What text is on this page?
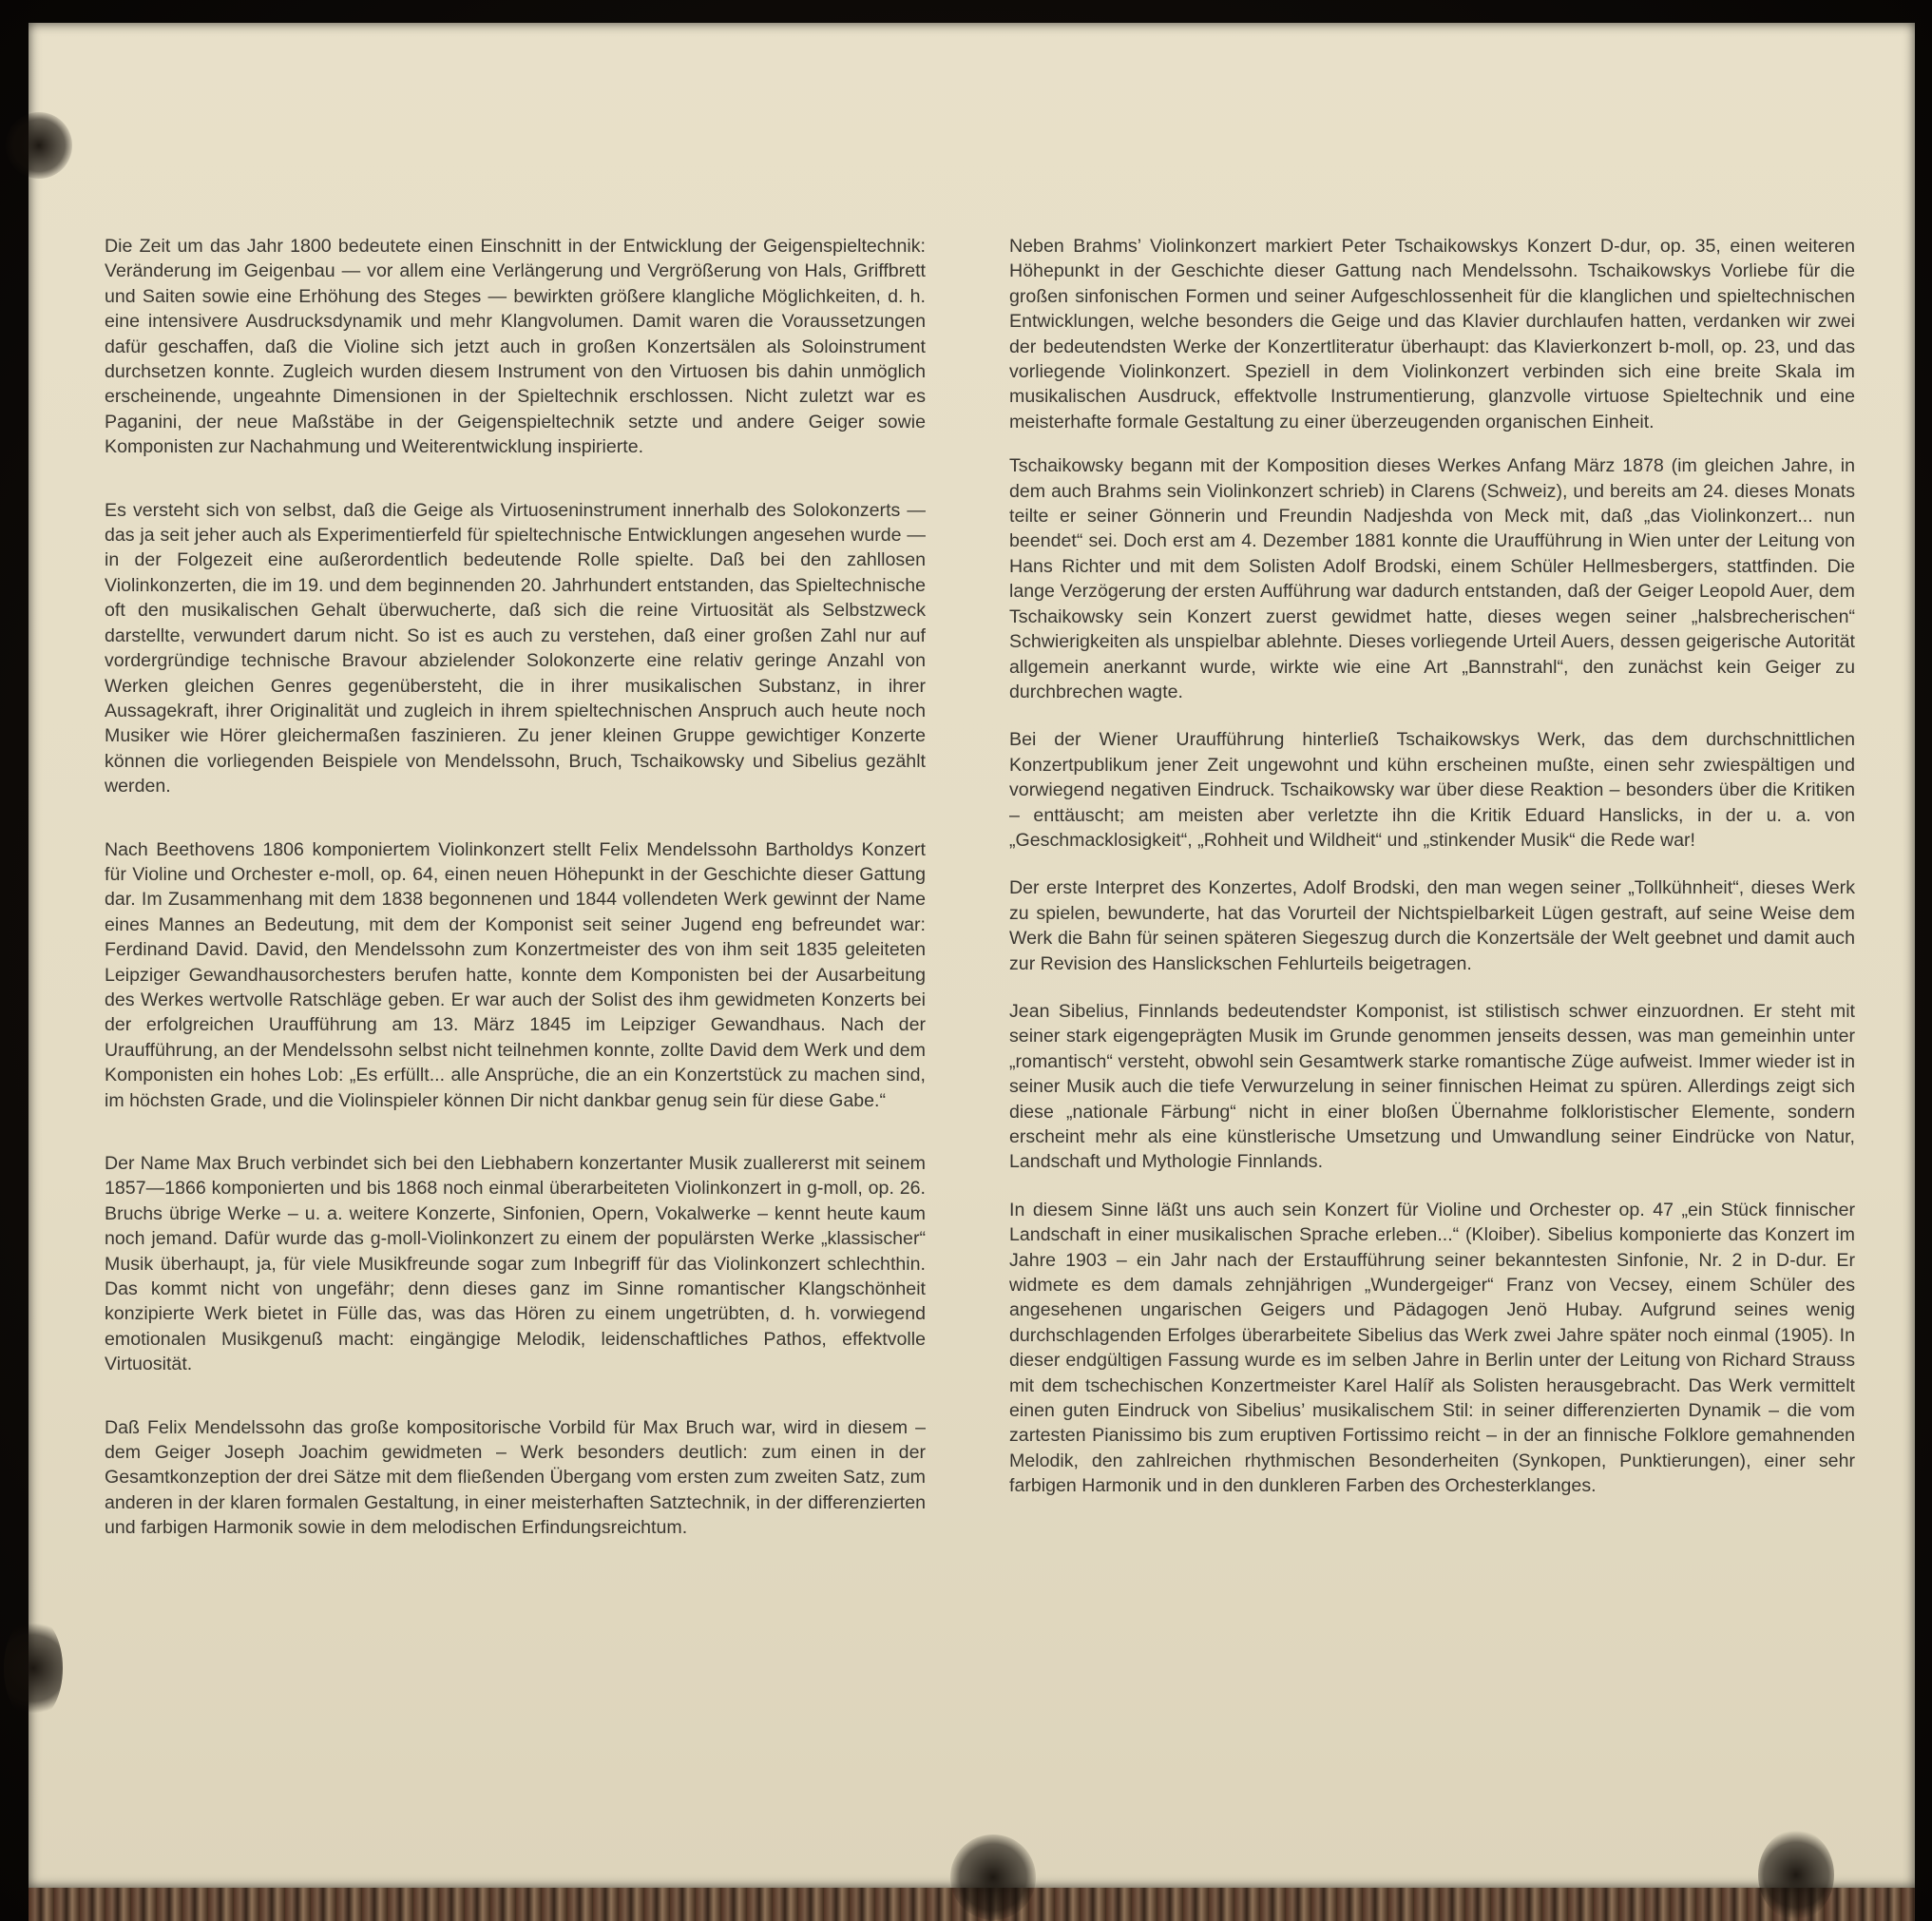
Die Zeit um das Jahr 1800 bedeutete einen Einschnitt in der Entwicklung der Geigenspieltechnik: Veränderung im Geigenbau — vor allem eine Verlängerung und Vergrößerung von Hals, Griffbrett und Saiten sowie eine Erhöhung des Steges — bewirkten größere klangliche Möglichkeiten, d. h. eine intensivere Ausdrucksdynamik und mehr Klangvolumen. Damit waren die Voraussetzungen dafür geschaffen, daß die Violine sich jetzt auch in großen Konzertsälen als Soloinstrument durchsetzen konnte. Zugleich wurden diesem Instrument von den Virtuosen bis dahin unmöglich erscheinende, ungeahnte Dimensionen in der Spieltechnik erschlossen. Nicht zuletzt war es Paganini, der neue Maßstäbe in der Geigenspieltechnik setzte und andere Geiger sowie Komponisten zur Nachahmung und Weiterentwicklung inspirierte.

Es versteht sich von selbst, daß die Geige als Virtuoseninstrument innerhalb des Solokonzerts — das ja seit jeher auch als Experimentierfeld für spieltechnische Entwicklungen angesehen wurde — in der Folgezeit eine außerordentlich bedeutende Rolle spielte. Daß bei den zahllosen Violinkonzerten, die im 19. und dem beginnenden 20. Jahrhundert entstanden, das Spieltechnische oft den musikalischen Gehalt überwucherte, daß sich die reine Virtuosität als Selbstzweck darstellte, verwundert darum nicht. So ist es auch zu verstehen, daß einer großen Zahl nur auf vordergründige technische Bravour abzielender Solokonzerte eine relativ geringe Anzahl von Werken gleichen Genres gegenübersteht, die in ihrer musikalischen Substanz, in ihrer Aussagekraft, ihrer Originalität und zugleich in ihrem spieltechnischen Anspruch auch heute noch Musiker wie Hörer gleichermaßen faszinieren. Zu jener kleinen Gruppe gewichtiger Konzerte können die vorliegenden Beispiele von Mendelssohn, Bruch, Tschaikowsky und Sibelius gezählt werden.

Nach Beethovens 1806 komponiertem Violinkonzert stellt Felix Mendelssohn Bartholdys Konzert für Violine und Orchester e-moll, op. 64, einen neuen Höhepunkt in der Geschichte dieser Gattung dar. Im Zusammenhang mit dem 1838 begonnenen und 1844 vollendeten Werk gewinnt der Name eines Mannes an Bedeutung, mit dem der Komponist seit seiner Jugend eng befreundet war: Ferdinand David. David, den Mendelssohn zum Konzertmeister des von ihm seit 1835 geleiteten Leipziger Gewandhausorchesters berufen hatte, konnte dem Komponisten bei der Ausarbeitung des Werkes wertvolle Ratschläge geben. Er war auch der Solist des ihm gewidmeten Konzerts bei der erfolgreichen Uraufführung am 13. März 1845 im Leipziger Gewandhaus. Nach der Uraufführung, an der Mendelssohn selbst nicht teilnehmen konnte, zollte David dem Werk und dem Komponisten ein hohes Lob: „Es erfüllt... alle Ansprüche, die an ein Konzertstück zu machen sind, im höchsten Grade, und die Violinspieler können Dir nicht dankbar genug sein für diese Gabe.“

Der Name Max Bruch verbindet sich bei den Liebhabern konzertanter Musik zuallererst mit seinem 1857—1866 komponierten und bis 1868 noch einmal überarbeiteten Violinkonzert in g-moll, op. 26. Bruchs übrige Werke – u. a. weitere Konzerte, Sinfonien, Opern, Vokalwerke – kennt heute kaum noch jemand. Dafür wurde das g-moll-Violinkonzert zu einem der populärsten Werke „klassischer“ Musik überhaupt, ja, für viele Musikfreunde sogar zum Inbegriff für das Violinkonzert schlechthin. Das kommt nicht von ungefähr; denn dieses ganz im Sinne romantischer Klangschönheit konzipierte Werk bietet in Fülle das, was das Hören zu einem ungetrübten, d. h. vorwiegend emotionalen Musikgenuß macht: eingängige Melodik, leidenschaftliches Pathos, effektvolle Virtuosität.

Daß Felix Mendelssohn das große kompositorische Vorbild für Max Bruch war, wird in diesem – dem Geiger Joseph Joachim gewidmeten – Werk besonders deutlich: zum einen in der Gesamtkonzeption der drei Sätze mit dem fließenden Übergang vom ersten zum zweiten Satz, zum anderen in der klaren formalen Gestaltung, in einer meisterhaften Satztechnik, in der differenzierten und farbigen Harmonik sowie in dem melodischen Erfindungsreichtum.

Neben Brahms’ Violinkonzert markiert Peter Tschaikowskys Konzert D-dur, op. 35, einen weiteren Höhepunkt in der Geschichte dieser Gattung nach Mendelssohn. Tschaikowskys Vorliebe für die großen sinfonischen Formen und seiner Aufgeschlossenheit für die klanglichen und spieltechnischen Entwicklungen, welche besonders die Geige und das Klavier durchlaufen hatten, verdanken wir zwei der bedeutendsten Werke der Konzertliteratur überhaupt: das Klavierkonzert b-moll, op. 23, und das vorliegende Violinkonzert. Speziell in dem Violinkonzert verbinden sich eine breite Skala im musikalischen Ausdruck, effektvolle Instrumentierung, glanzvolle virtuose Spieltechnik und eine meisterhafte formale Gestaltung zu einer überzeugenden organischen Einheit.

Tschaikowsky begann mit der Komposition dieses Werkes Anfang März 1878 (im gleichen Jahre, in dem auch Brahms sein Violinkonzert schrieb) in Clarens (Schweiz), und bereits am 24. dieses Monats teilte er seiner Gönnerin und Freundin Nadjeshda von Meck mit, daß „das Violinkonzert... nun beendet“ sei. Doch erst am 4. Dezember 1881 konnte die Uraufführung in Wien unter der Leitung von Hans Richter und mit dem Solisten Adolf Brodski, einem Schüler Hellmesbergers, stattfinden. Die lange Verzögerung der ersten Aufführung war dadurch entstanden, daß der Geiger Leopold Auer, dem Tschaikowsky sein Konzert zuerst gewidmet hatte, dieses wegen seiner „halsbrecherischen“ Schwierigkeiten als unspielbar ablehnte. Dieses vorliegende Urteil Auers, dessen geigerische Autorität allgemein anerkannt wurde, wirkte wie eine Art „Bannstrahl“, den zunächst kein Geiger zu durchbrechen wagte.

Bei der Wiener Uraufführung hinterließ Tschaikowskys Werk, das dem durchschnittlichen Konzertpublikum jener Zeit ungewohnt und kühn erscheinen mußte, einen sehr zwiespältigen und vorwiegend negativen Eindruck. Tschaikowsky war über diese Reaktion – besonders über die Kritiken – enttäuscht; am meisten aber verletzte ihn die Kritik Eduard Hanslicks, in der u. a. von „Geschmacklosigkeit“, „Rohheit und Wildheit“ und „stinkender Musik“ die Rede war!

Der erste Interpret des Konzertes, Adolf Brodski, den man wegen seiner „Tollkühnheit“, dieses Werk zu spielen, bewunderte, hat das Vorurteil der Nichtspielbarkeit Lügen gestraft, auf seine Weise dem Werk die Bahn für seinen späteren Siegeszug durch die Konzertsäle der Welt geebnet und damit auch zur Revision des Hanslickschen Fehlurteils beigetragen.

Jean Sibelius, Finnlands bedeutendster Komponist, ist stilistisch schwer einzuordnen. Er steht mit seiner stark eigengeprägten Musik im Grunde genommen jenseits dessen, was man gemeinhin unter „romantisch“ versteht, obwohl sein Gesamtwerk starke romantische Züge aufweist. Immer wieder ist in seiner Musik auch die tiefe Verwurzelung in seiner finnischen Heimat zu spüren. Allerdings zeigt sich diese „nationale Färbung“ nicht in einer bloßen Übernahme folkloristischer Elemente, sondern erscheint mehr als eine künstlerische Umsetzung und Umwandlung seiner Eindrücke von Natur, Landschaft und Mythologie Finnlands.

In diesem Sinne läßt uns auch sein Konzert für Violine und Orchester op. 47 „ein Stück finnischer Landschaft in einer musikalischen Sprache erleben...“ (Kloiber). Sibelius komponierte das Konzert im Jahre 1903 – ein Jahr nach der Erstaufführung seiner bekanntesten Sinfonie, Nr. 2 in D-dur. Er widmete es dem damals zehnjährigen „Wundergeiger“ Franz von Vecsey, einem Schüler des angesehenen ungarischen Geigers und Pädagogen Jenö Hubay. Aufgrund seines wenig durchschlagenden Erfolges überarbeitete Sibelius das Werk zwei Jahre später noch einmal (1905). In dieser endgültigen Fassung wurde es im selben Jahre in Berlin unter der Leitung von Richard Strauss mit dem tschechischen Konzertmeister Karel Halíř als Solisten herausgebracht. Das Werk vermittelt einen guten Eindruck von Sibelius’ musikalischem Stil: in seiner differenzierten Dynamik – die vom zartesten Pianissimo bis zum eruptiven Fortissimo reicht – in der an finnische Folklore gemahnenden Melodik, den zahlreichen rhythmischen Besonderheiten (Synkopen, Punktierungen), einer sehr farbigen Harmonik und in den dunkleren Farben des Orchesterklanges.
